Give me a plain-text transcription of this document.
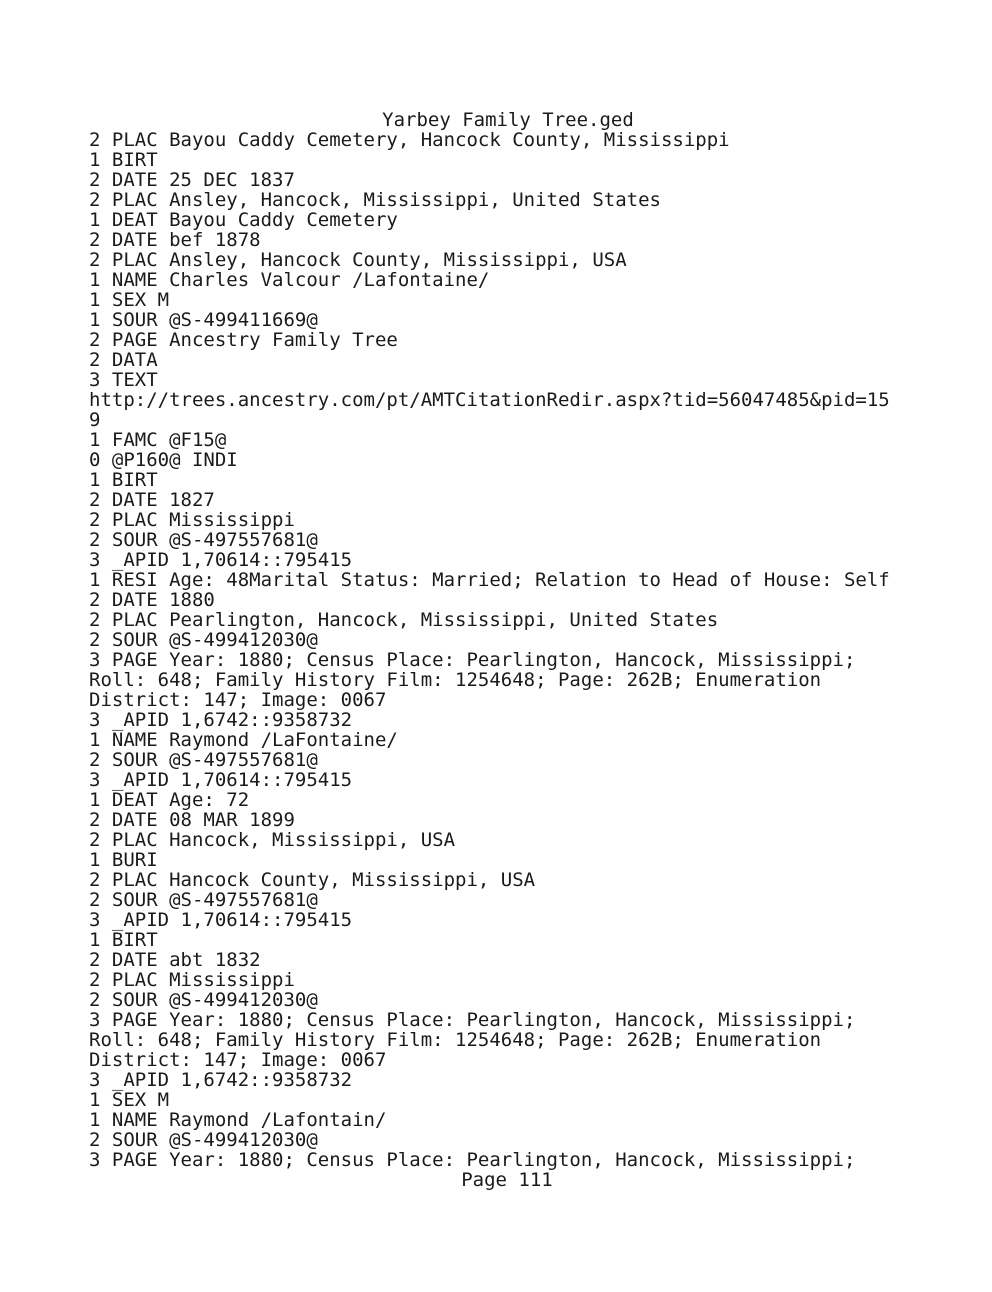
Yarbey Family Tree.ged
2 PLAC Bayou Caddy Cemetery, Hancock County, Mississippi
1 BIRT
2 DATE 25 DEC 1837
2 PLAC Ansley, Hancock, Mississippi, United States
1 DEAT Bayou Caddy Cemetery
2 DATE bef 1878
2 PLAC Ansley, Hancock County, Mississippi, USA
1 NAME Charles Valcour /Lafontaine/
1 SEX M
1 SOUR @S-499411669@
2 PAGE Ancestry Family Tree
2 DATA
3 TEXT
http://trees.ancestry.com/pt/AMTCitationRedir.aspx?tid=56047485&pid=15
9
1 FAMC @F15@
0 @P160@ INDI
1 BIRT
2 DATE 1827
2 PLAC Mississippi
2 SOUR @S-497557681@
3 _APID 1,70614::795415
1 RESI Age: 48Marital Status: Married; Relation to Head of House: Self
2 DATE 1880
2 PLAC Pearlington, Hancock, Mississippi, United States
2 SOUR @S-499412030@
3 PAGE Year: 1880; Census Place: Pearlington, Hancock, Mississippi;
Roll: 648; Family History Film: 1254648; Page: 262B; Enumeration
District: 147; Image: 0067
3 _APID 1,6742::9358732
1 NAME Raymond /LaFontaine/
2 SOUR @S-497557681@
3 _APID 1,70614::795415
1 DEAT Age: 72
2 DATE 08 MAR 1899
2 PLAC Hancock, Mississippi, USA
1 BURI
2 PLAC Hancock County, Mississippi, USA
2 SOUR @S-497557681@
3 _APID 1,70614::795415
1 BIRT
2 DATE abt 1832
2 PLAC Mississippi
2 SOUR @S-499412030@
3 PAGE Year: 1880; Census Place: Pearlington, Hancock, Mississippi;
Roll: 648; Family History Film: 1254648; Page: 262B; Enumeration
District: 147; Image: 0067
3 _APID 1,6742::9358732
1 SEX M
1 NAME Raymond /Lafontain/
2 SOUR @S-499412030@
3 PAGE Year: 1880; Census Place: Pearlington, Hancock, Mississippi;
Page 111
